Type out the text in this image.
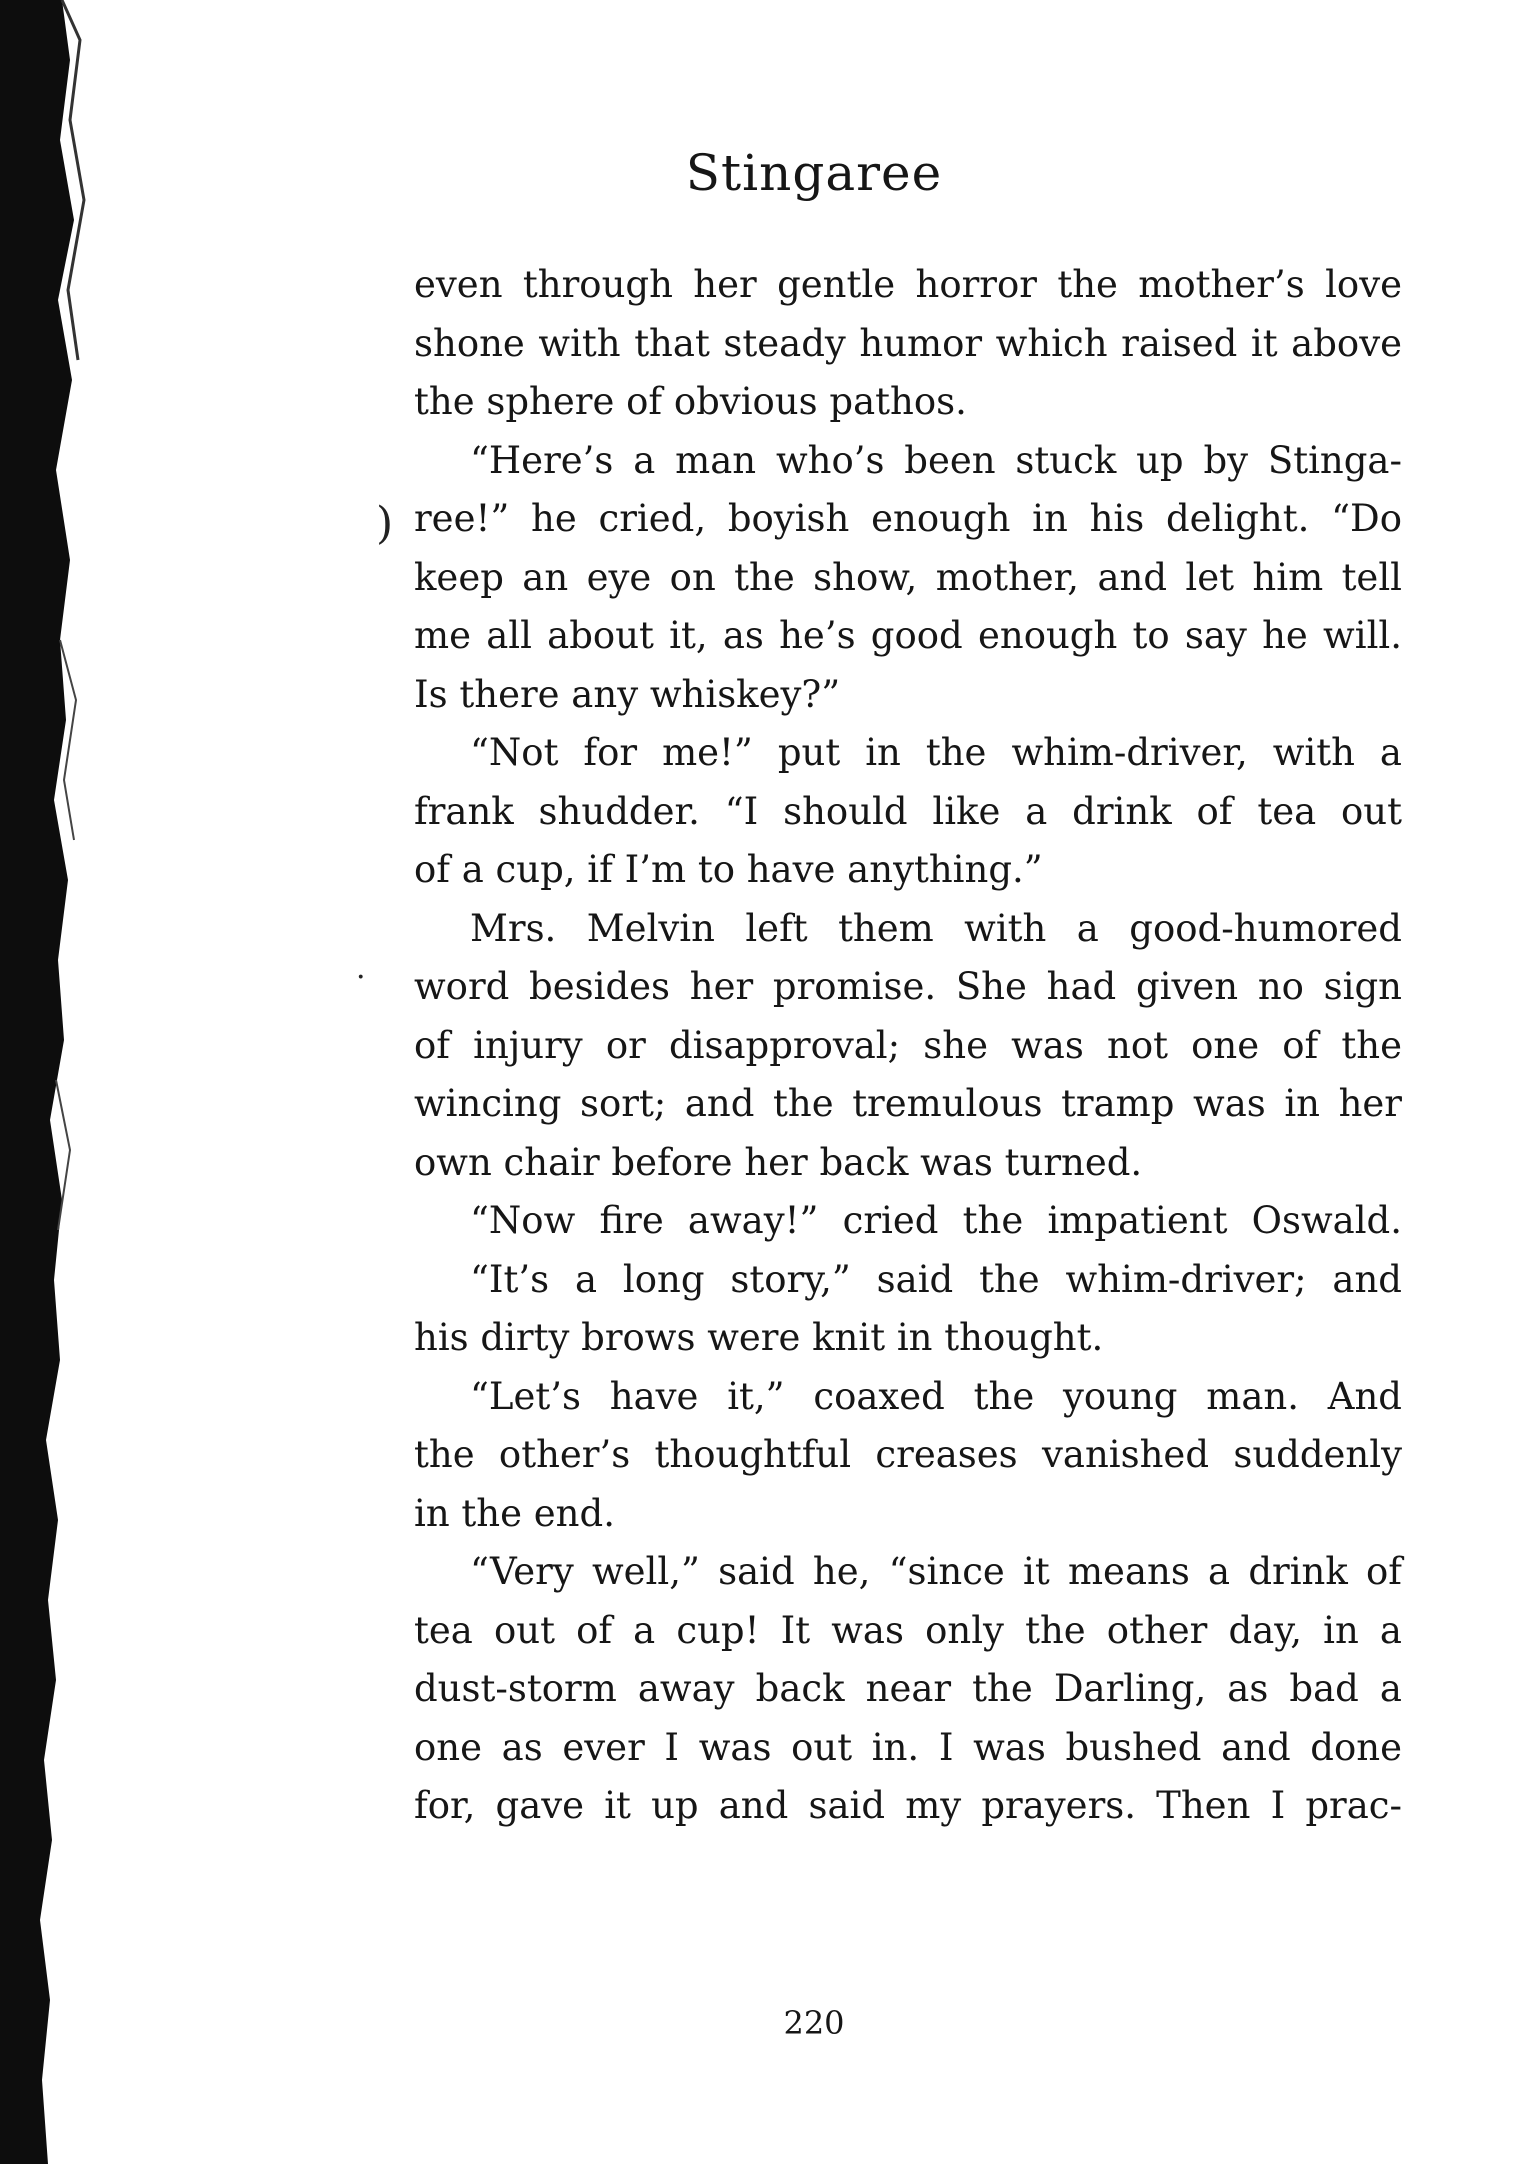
)
·
Stingaree
even through her gentle horror the mother’s love
shone with that steady humor which raised it above
the sphere of obvious pathos.
“Here’s a man who’s been stuck up by Stinga-
ree!” he cried, boyish enough in his delight. “Do
keep an eye on the show, mother, and let him tell
me all about it, as he’s good enough to say he will.
Is there any whiskey?”
“Not for me!” put in the whim-driver, with a
frank shudder. “I should like a drink of tea out
of a cup, if I’m to have anything.”
Mrs. Melvin left them with a good-humored
word besides her promise. She had given no sign
of injury or disapproval; she was not one of the
wincing sort; and the tremulous tramp was in her
own chair before her back was turned.
“Now fire away!” cried the impatient Oswald.
“It’s a long story,” said the whim-driver; and
his dirty brows were knit in thought.
“Let’s have it,” coaxed the young man. And
the other’s thoughtful creases vanished suddenly
in the end.
“Very well,” said he, “since it means a drink of
tea out of a cup! It was only the other day, in a
dust-storm away back near the Darling, as bad a
one as ever I was out in. I was bushed and done
for, gave it up and said my prayers. Then I prac-
220
